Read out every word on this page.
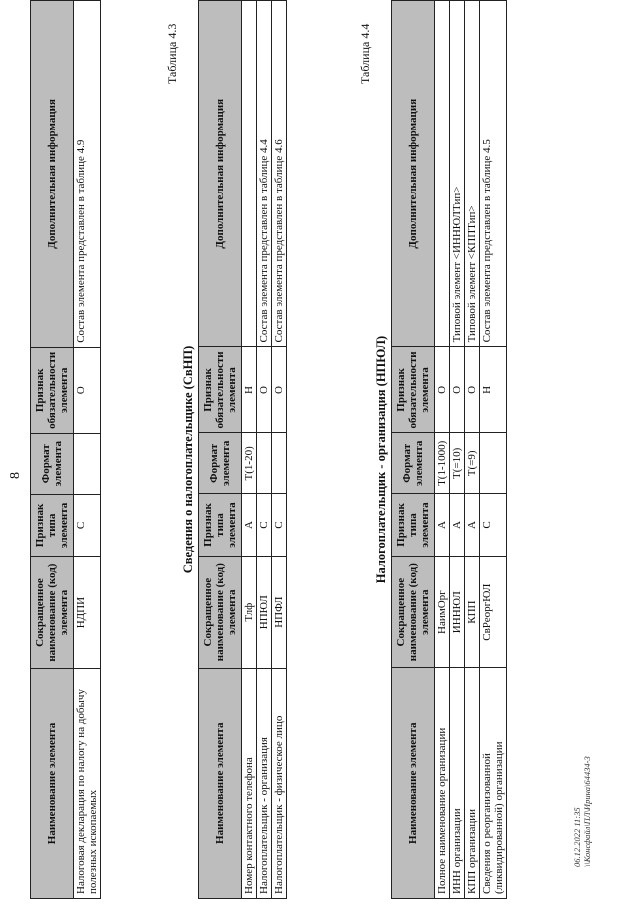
8
Наименование элемента	Сокращенное наименование (код) элемента	Признак типа элемента	Формат элемента	Признак обязательности элемента	Дополнительная информация
Налоговая декларация по налогу на добычу полезных ископаемых	НДПИ	С		О	Состав элемента представлен в таблице 4.9
Таблица 4.3
Сведения о налогоплательщике (СвНП)
Наименование элемента	Сокращенное наименование (код) элемента	Признак типа элемента	Формат элемента	Признак обязательности элемента	Дополнительная информация
Номер контактного телефона	Тлф	А	Т(1-20)	Н	
Налогоплательщик - организация	НПЮЛ	С		О	Состав элемента представлен в таблице 4.4
Налогоплательщик - физическое лицо	НПФЛ	С		О	Состав элемента представлен в таблице 4.6
Таблица 4.4
Налогоплательщик - организация (НПЮЛ)
Наименование элемента	Сокращенное наименование (код) элемента	Признак типа элемента	Формат элемента	Признак обязательности элемента	Дополнительная информация
Полное наименование организации	НаимОрг	А	Т(1-1000)	О	
ИНН организации	ИННЮЛ	А	Т(=10)	О	Типовой элемент <ИННЮЛТип>
КПП организации	КПП	А	Т(=9)	О	Типовой элемент <КППТип>
Сведения о реорганизованной (ликвидированной) организации	СвРеоргЮЛ	С		Н	Состав элемента представлен в таблице 4.5
06.12.2022 11:35 \\Консфайл\ПЛ\Ирина\64434-3
